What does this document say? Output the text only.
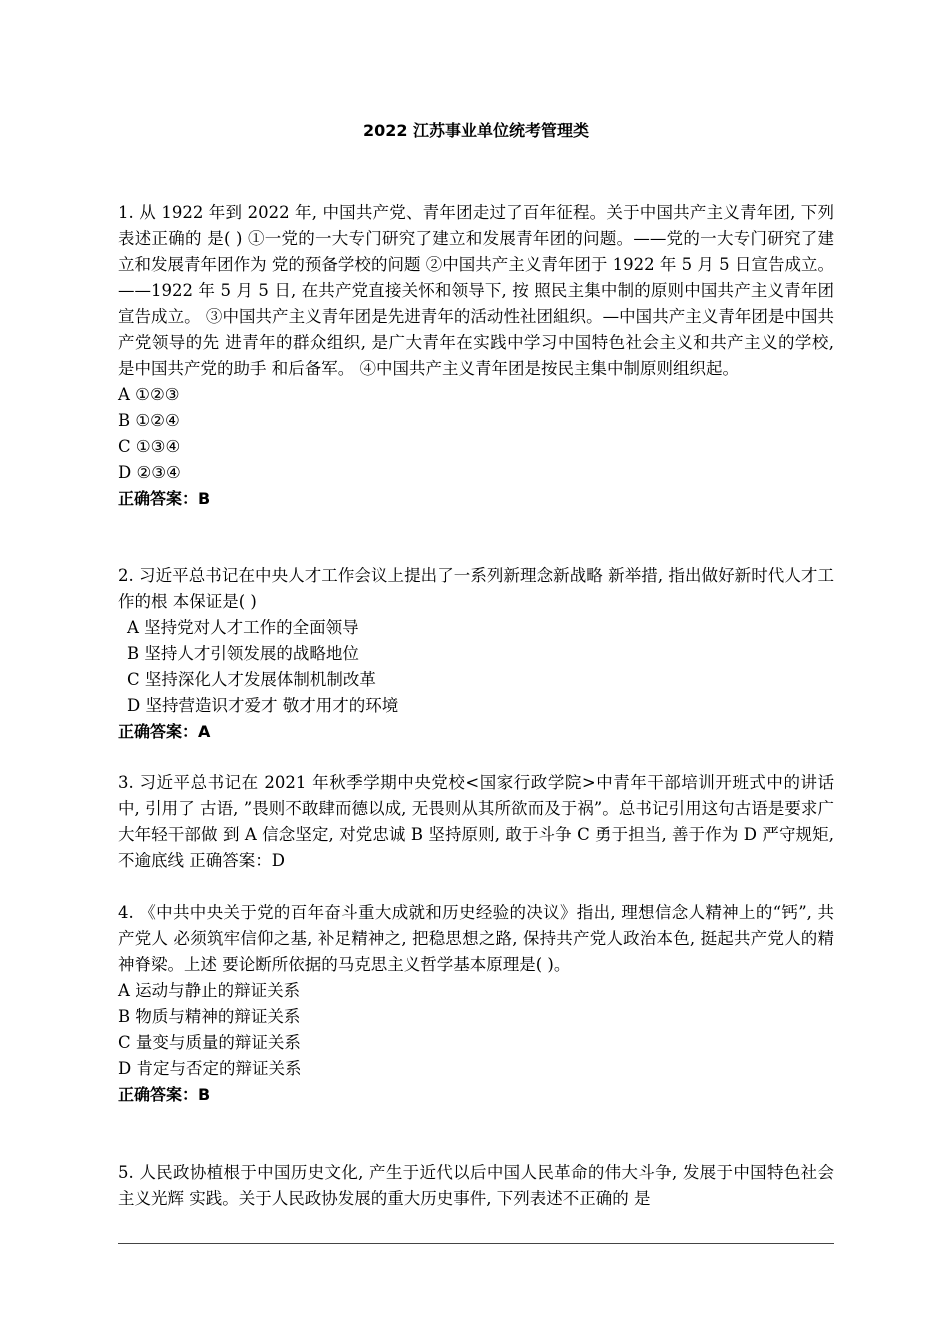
2022 江苏事业单位统考管理类

1. 从 1922 年到 2022 年, 中国共产党、青年团走过了百年征程。关于中国共产主义青年团, 下列表述正确的 是( ) ①一党的一大专门研究了建立和发展青年团的问题。——党的一大专门研究了建立和发展青年团作为 党的预备学校的问题 ②中国共产主义青年团于 1922 年 5 月 5 日宣告成立。——1922 年 5 月 5 日, 在共产党直接关怀和领导下, 按 照民主集中制的原则中国共产主义青年团宣告成立。 ③中国共产主义青年团是先进青年的活动性社团組织。—中国共产主义青年团是中国共产党领导的先 进青年的群众组织, 是广大青年在实践中学习中国特色社会主义和共产主义的学校, 是中国共产党的助手 和后备军。 ④中国共产主义青年团是按民主集中制原则组织起。

A ①②③

B ①②④

C ①③④

D ②③④

正确答案：B

2. 习近平总书记在中央人才工作会议上提出了一系列新理念新战略 新举措, 指出做好新时代人才工作的根 本保证是( )

A 坚持党对人才工作的全面领导

B 坚持人才引领发展的战略地位

C 坚持深化人才发展体制机制改革

D 坚持营造识才爱才 敬才用才的环境

正确答案：A

3. 习近平总书记在 2021 年秋季学期中央党校<国家行政学院>中青年干部培训开班式中的讲话中, 引用了 古语, ”畏则不敢肆而德以成, 无畏则从其所欲而及于祸”。总书记引用这句古语是要求广大年轻干部做 到 A 信念坚定, 对党忠诚 B 坚持原则, 敢于斗争 C 勇于担当, 善于作为 D 严守规矩, 不逾底线 正确答案：D

4. 《中共中央关于党的百年奋斗重大成就和历史经验的决议》指出, 理想信念人精神上的“钙”, 共产党人 必须筑牢信仰之基, 补足精神之, 把稳思想之路, 保持共产党人政治本色, 挺起共产党人的精神脊梁。上述 要论断所依据的马克思主义哲学基本原理是( )。

A 运动与静止的辩证关系

B 物质与精神的辩证关系

C 量变与质量的辩证关系

D 肯定与否定的辩证关系

正确答案：B

5. 人民政协植根于中国历史文化, 产生于近代以后中国人民革命的伟大斗争, 发展于中国特色社会主义光辉 实践。关于人民政协发展的重大历史事件, 下列表述不正确的 是
